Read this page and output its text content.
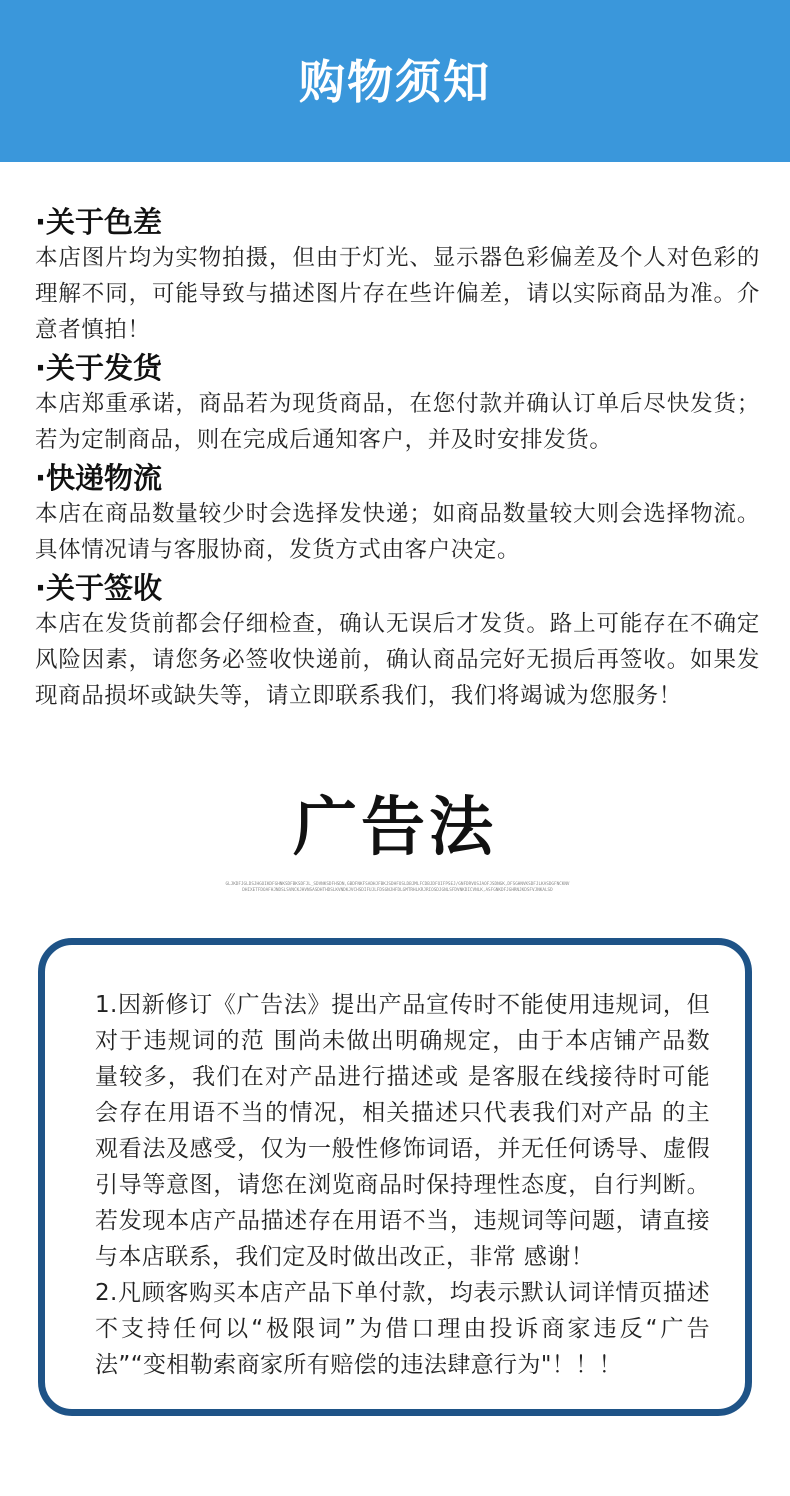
购物须知
·关于色差

本店图片均为实物拍摄，但由于灯光、显示器色彩偏差及个人对色彩的理解不同，可能导致与描述图片存在些许偏差，请以实际商品为准。介意者慎拍！

·关于发货

本店郑重承诺，商品若为现货商品，在您付款并确认订单后尽快发货；若为定制商品，则在完成后通知客户，并及时安排发货。

·快递物流

本店在商品数量较少时会选择发快递；如商品数量较大则会选择物流。具体情况请与客服协商，发货方式由客户决定。

·关于签收

本店在发货前都会仔细检查，确认无误后才发货。路上可能存在不确定风险因素，请您务必签收快递前，确认商品完好无损后再签收。如果发现商品损坏或缺失等，请立即联系我们，我们将竭诚为您服务！

广告法
GLJKDFJGLDSJHGOIKDFGHNKSDFBKSDFJL_SDVNKSDFHSDN,GBDFNKFSADHJFBKJSDHFOSLDBJMLFCDBJDFOIFPSEJ/GNFDRVOSJAOFJSDNGK,DFSGHNVKSDFJLKASDGFNCKNVDHIXETFDOAFHJNDSLSVNCKJHVNSASDHTHDSLKVNDKJVCHSDIFUJLFDSGNJHFDLGMTRHLKRJRIOSDJGNLSFDVNKDICVNLK,ASFGNKDFJGHRNJKDSFVJNKALSD

1.因新修订《广告法》提出产品宣传时不能使用违规词，但对于违规词的范 围尚未做出明确规定，由于本店铺产品数量较多，我们在对产品进行描述或 是客服在线接待时可能会存在用语不当的情况，相关描述只代表我们对产品 的主观看法及感受，仅为一般性修饰词语，并无任何诱导、虚假引导等意图，请您在浏览商品时保持理性态度，自行判断。若发现本店产品描述存在用语不当，违规词等问题，请直接与本店联系，我们定及时做出改正，非常 感谢！

2.凡顾客购买本店产品下单付款，均表示默认词详情页描述不支持任何以“极限词”为借口理由投诉商家违反“广告法”“变相勒索商家所有赔偿的违法肆意行为"！！！
